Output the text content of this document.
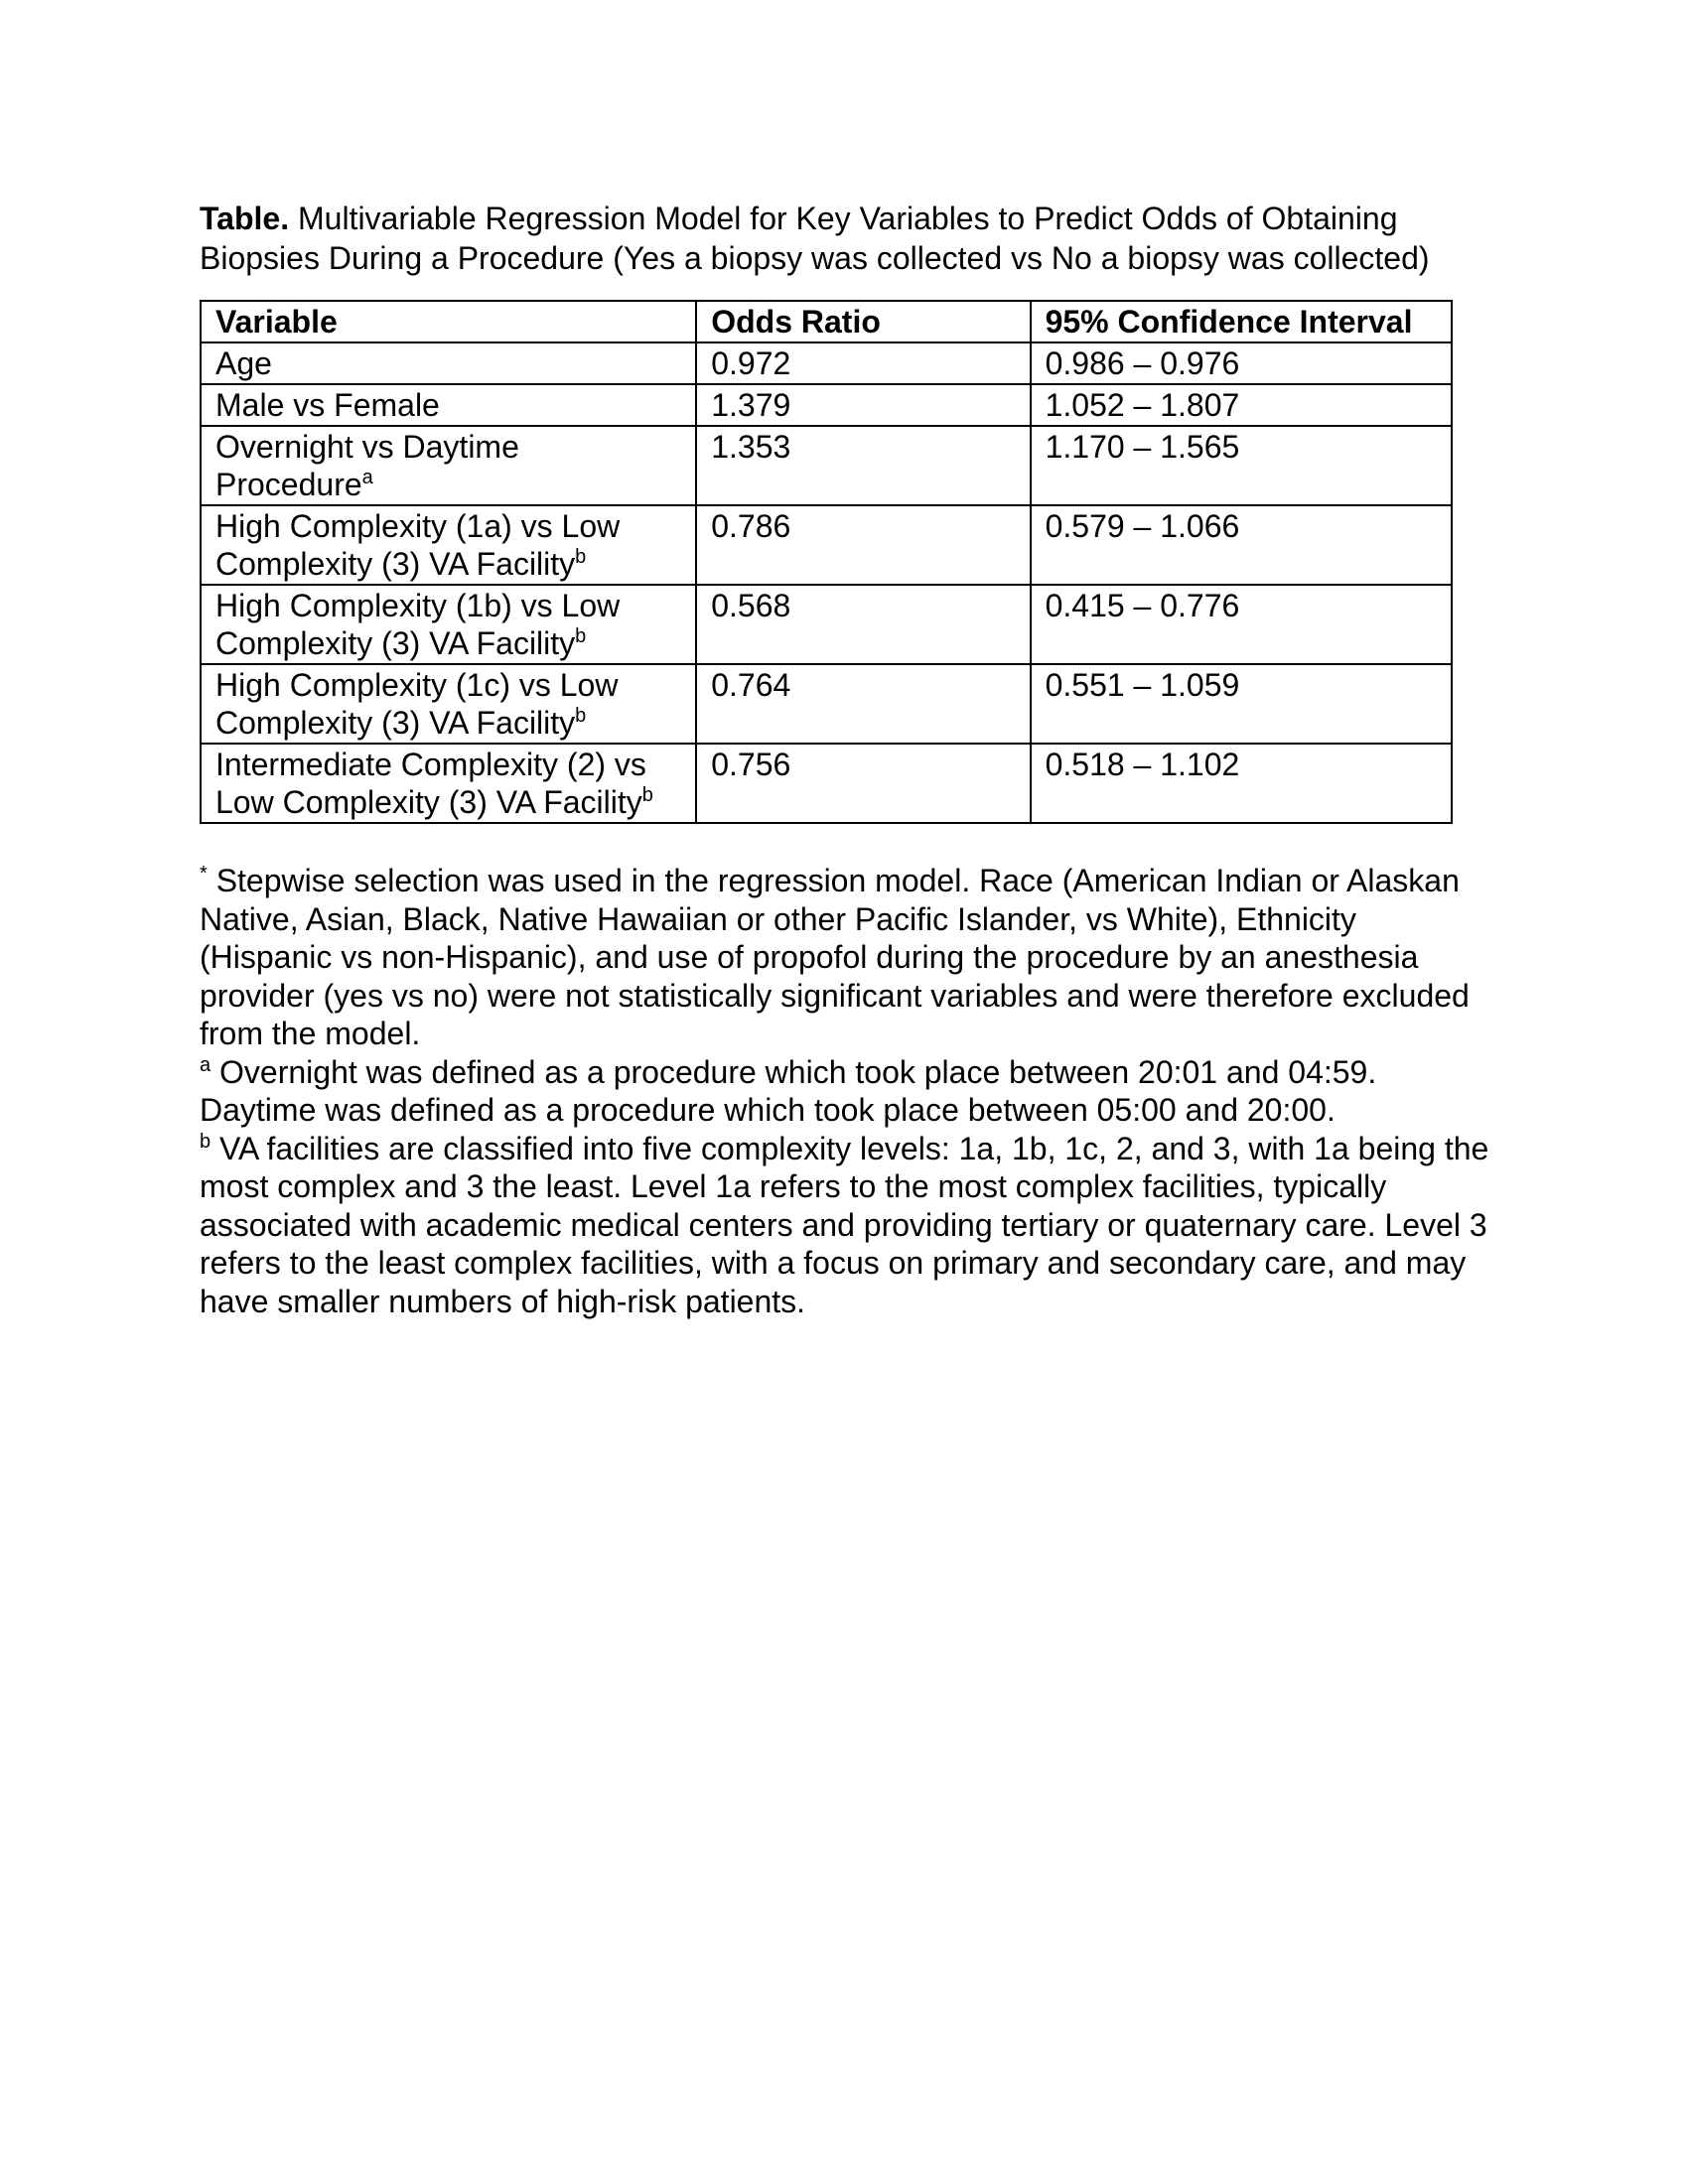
Table. Multivariable Regression Model for Key Variables to Predict Odds of Obtaining Biopsies During a Procedure (Yes a biopsy was collected vs No a biopsy was collected)

Variable	Odds Ratio	95% Confidence Interval
Age	0.972	0.986 – 0.976
Male vs Female	1.379	1.052 – 1.807
Overnight vs Daytime Procedure$^a$	1.353	1.170 – 1.565
High Complexity (1a) vs Low Complexity (3) VA Facility$^b$	0.786	0.579 – 1.066
High Complexity (1b) vs Low Complexity (3) VA Facility$^b$	0.568	0.415 – 0.776
High Complexity (1c) vs Low Complexity (3) VA Facility$^b$	0.764	0.551 – 1.059
Intermediate Complexity (2) vs Low Complexity (3) VA Facility$^b$	0.756	0.518 – 1.102

* Stepwise selection was used in the regression model. Race (American Indian or Alaskan Native, Asian, Black, Native Hawaiian or other Pacific Islander, vs White), Ethnicity (Hispanic vs non-Hispanic), and use of propofol during the procedure by an anesthesia provider (yes vs no) were not statistically significant variables and were therefore excluded from the model.

$^a$ Overnight was defined as a procedure which took place between 20:01 and 04:59. Daytime was defined as a procedure which took place between 05:00 and 20:00.

$^b$ VA facilities are classified into five complexity levels: 1a, 1b, 1c, 2, and 3, with 1a being the most complex and 3 the least. Level 1a refers to the most complex facilities, typically associated with academic medical centers and providing tertiary or quaternary care. Level 3 refers to the least complex facilities, with a focus on primary and secondary care, and may have smaller numbers of high-risk patients.
